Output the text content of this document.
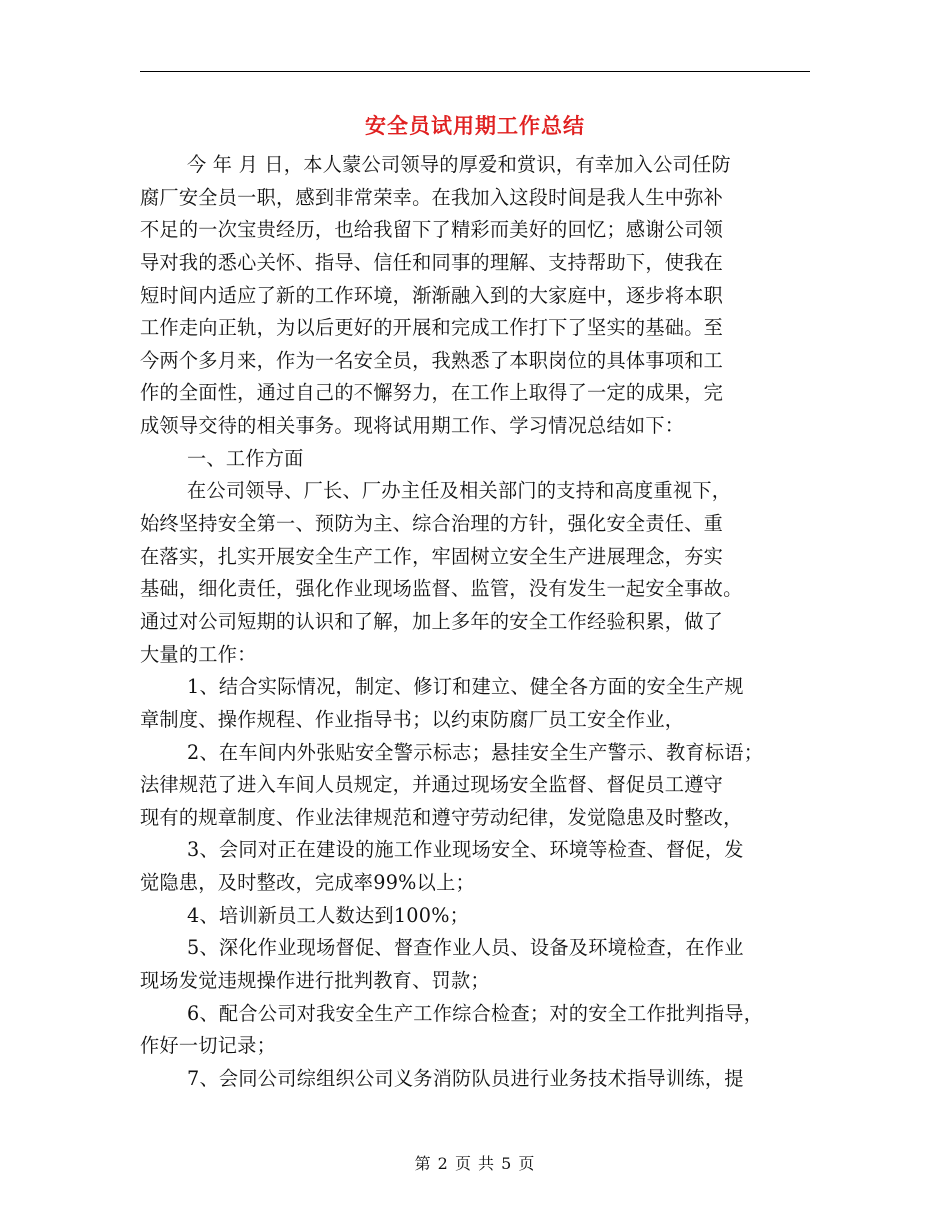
安全员试用期工作总结
今 年 月 日，本人蒙公司领导的厚爱和赏识，有幸加入公司任防
腐厂安全员一职，感到非常荣幸。在我加入这段时间是我人生中弥补
不足的一次宝贵经历，也给我留下了精彩而美好的回忆；感谢公司领
导对我的悉心关怀、指导、信任和同事的理解、支持帮助下，使我在
短时间内适应了新的工作环境，渐渐融入到的大家庭中，逐步将本职
工作走向正轨，为以后更好的开展和完成工作打下了坚实的基础。至
今两个多月来，作为一名安全员，我熟悉了本职岗位的具体事项和工
作的全面性，通过自己的不懈努力，在工作上取得了一定的成果，完
成领导交待的相关事务。现将试用期工作、学习情况总结如下：
一、工作方面
在公司领导、厂长、厂办主任及相关部门的支持和高度重视下，
始终坚持安全第一、预防为主、综合治理的方针，强化安全责任、重
在落实，扎实开展安全生产工作，牢固树立安全生产进展理念，夯实
基础，细化责任，强化作业现场监督、监管，没有发生一起安全事故。
通过对公司短期的认识和了解，加上多年的安全工作经验积累，做了
大量的工作：
1、结合实际情况，制定、修订和建立、健全各方面的安全生产规
章制度、操作规程、作业指导书；以约束防腐厂员工安全作业，
2、在车间内外张贴安全警示标志；悬挂安全生产警示、教育标语；
法律规范了进入车间人员规定，并通过现场安全监督、督促员工遵守
现有的规章制度、作业法律规范和遵守劳动纪律，发觉隐患及时整改，
3、会同对正在建设的施工作业现场安全、环境等检查、督促，发
觉隐患，及时整改，完成率99%以上；
4、培训新员工人数达到100%；
5、深化作业现场督促、督查作业人员、设备及环境检查，在作业
现场发觉违规操作进行批判教育、罚款；
6、配合公司对我安全生产工作综合检查；对的安全工作批判指导，
作好一切记录；
7、会同公司综组织公司义务消防队员进行业务技术指导训练，提
第 2 页 共 5 页
